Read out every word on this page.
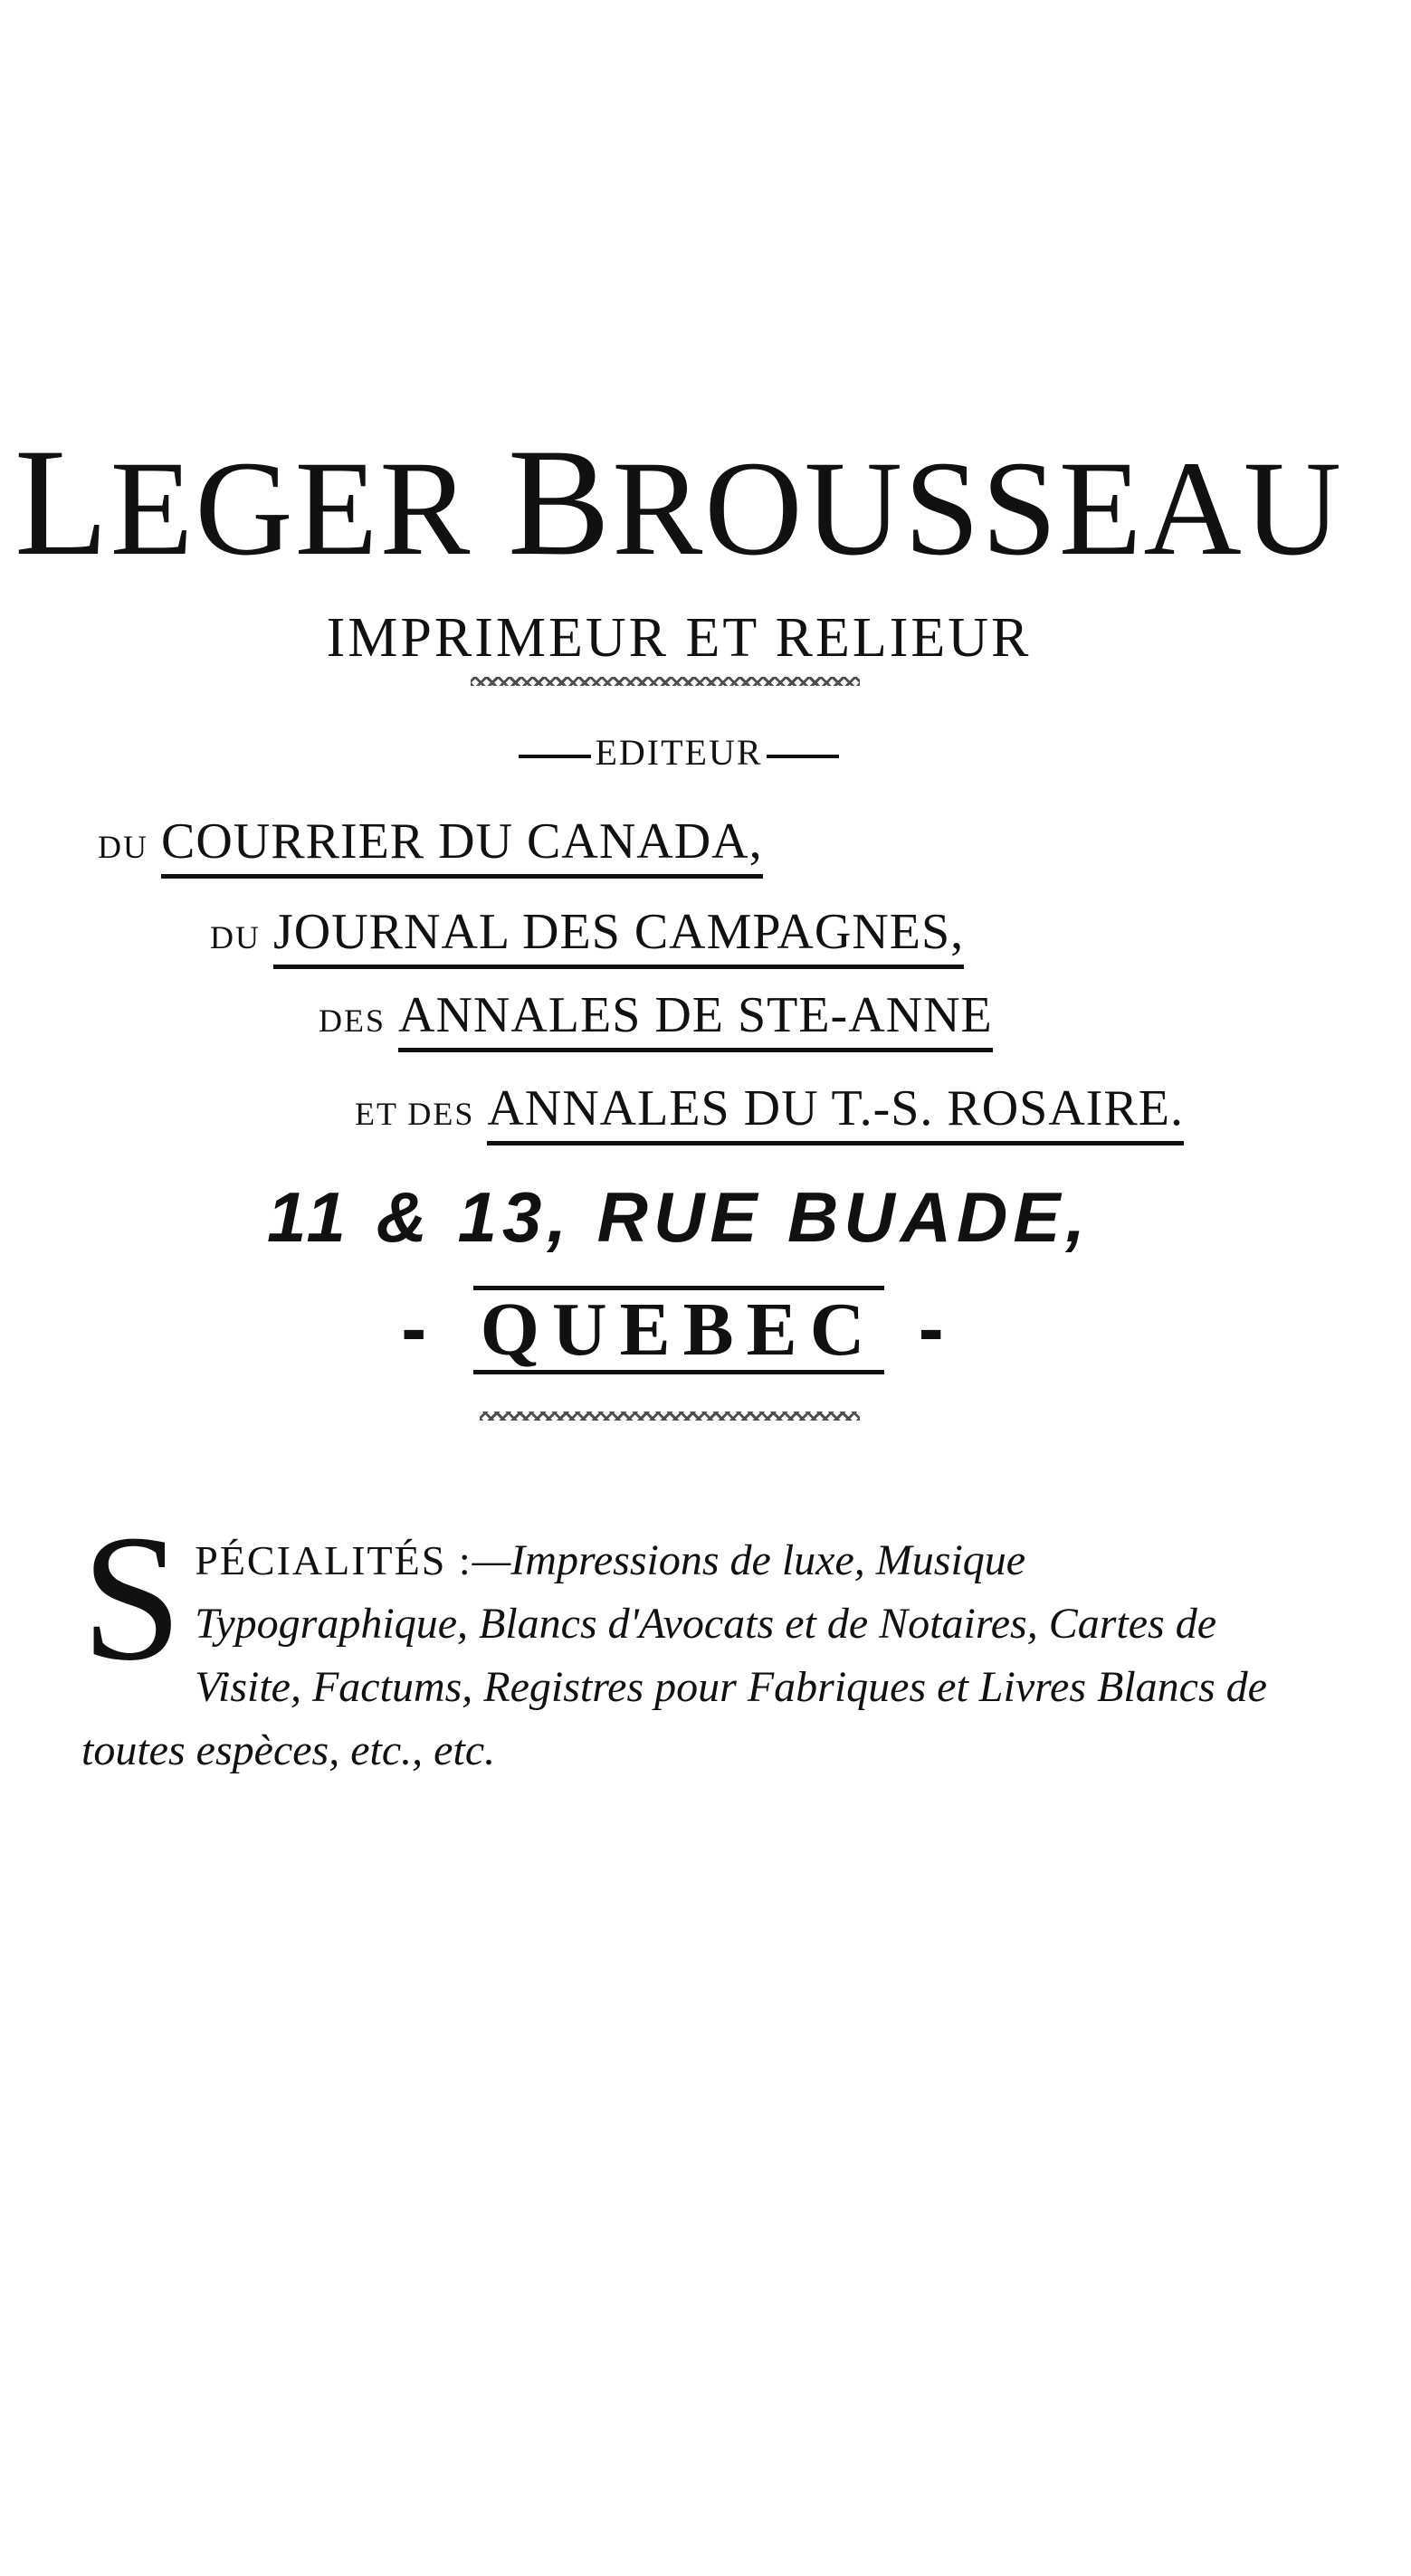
LEGER BROUSSEAU
IMPRIMEUR ET RELIEUR
EDITEUR
DU COURRIER DU CANADA,
DU JOURNAL DES CAMPAGNES,
DES ANNALES DE STE-ANNE
ET DES ANNALES DU T.-S. ROSAIRE.
11 & 13, RUE BUADE,
- QUEBEC -
SPÉCIALITÉS :—Impressions de luxe, Musique Typographique, Blancs d'Avocats et de Notaires, Cartes de Visite, Factums, Registres pour Fabriques et Livres Blancs de toutes espèces, etc., etc.
